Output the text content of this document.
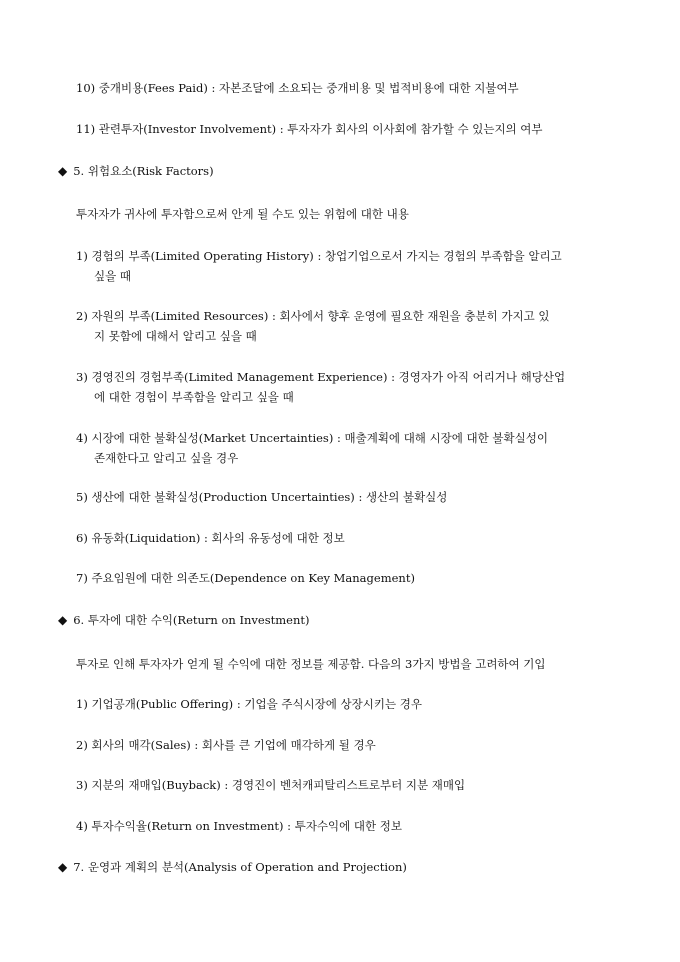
10) 중개비용(Fees Paid) : 자본조달에 소요되는 중개비용 및 법적비용에 대한 지불여부
11) 관련투자(Investor Involvement) : 투자자가 회사의 이사회에 참가할 수 있는지의 여부
◆ 5. 위험요소(Risk Factors)
투자자가 귀사에 투자함으로써 안게 될 수도 있는 위험에 대한 내용
1) 경험의 부족(Limited Operating History) : 창업기업으로서 가지는 경험의 부족함을 알리고
싶을 때
2) 자원의 부족(Limited Resources) : 회사에서 향후 운영에 필요한 재원을 충분히 가지고 있
지 못함에 대해서 알리고 싶을 때
3) 경영진의 경험부족(Limited Management Experience) : 경영자가 아직 어리거나 해당산업
에 대한 경험이 부족함을 알리고 싶을 때
4) 시장에 대한 불확실성(Market Uncertainties) : 매출계획에 대해 시장에 대한 불확실성이
존재한다고 알리고 싶을 경우
5) 생산에 대한 불확실성(Production Uncertainties) : 생산의 불확실성
6) 유동화(Liquidation) : 회사의 유동성에 대한 정보
7) 주요임원에 대한 의존도(Dependence on Key Management)
◆ 6. 투자에 대한 수익(Return on Investment)
투자로 인해 투자자가 얻게 될 수익에 대한 정보를 제공함. 다음의 3가지 방법을 고려하여 기입
1) 기업공개(Public Offering) : 기업을 주식시장에 상장시키는 경우
2) 회사의 매각(Sales) : 회사를 큰 기업에 매각하게 될 경우
3) 지분의 재매입(Buyback) : 경영진이 벤처캐피탈리스트로부터 지분 재매입
4) 투자수익율(Return on Investment) : 투자수익에 대한 정보
◆ 7. 운영과 계획의 분석(Analysis of Operation and Projection)
